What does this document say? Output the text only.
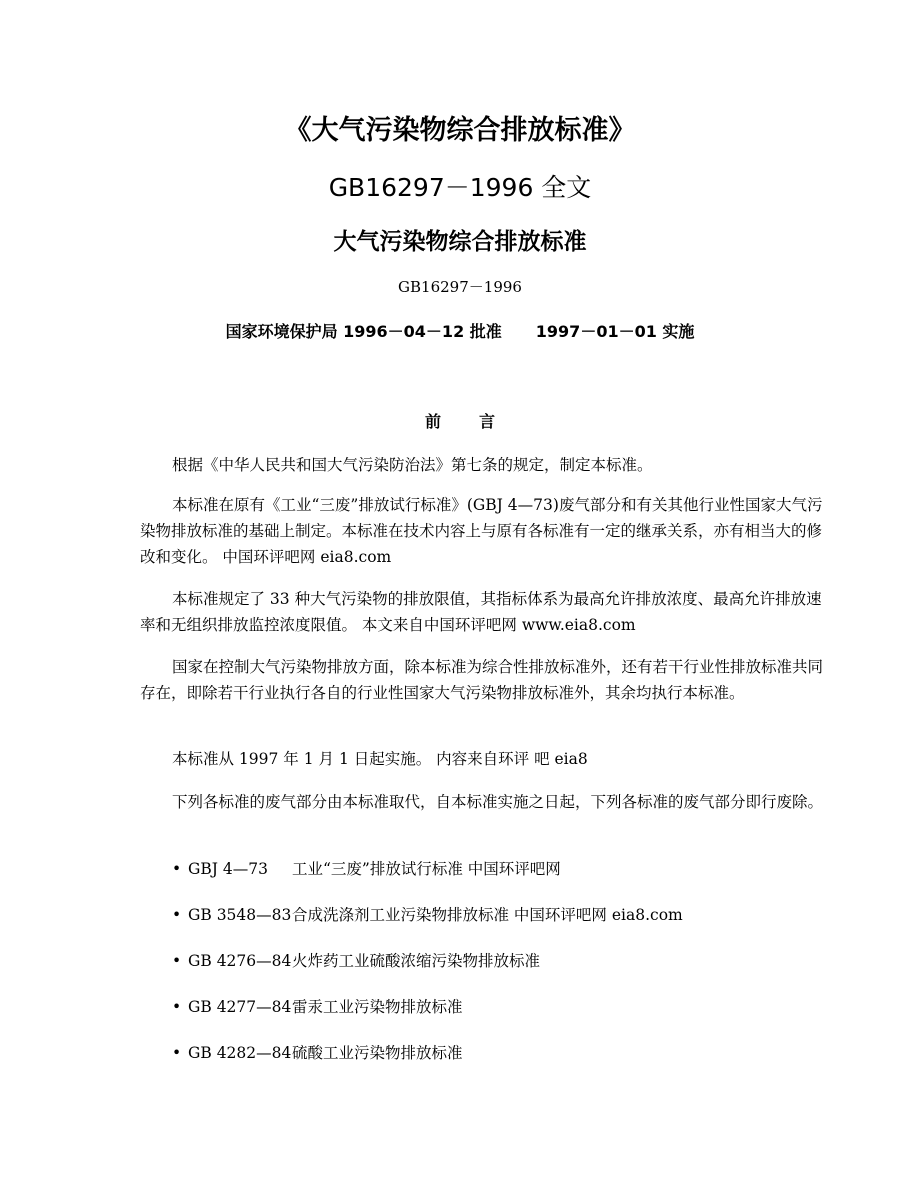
《大气污染物综合排放标准》
GB16297－1996 全文
大气污染物综合排放标准
GB16297－1996
国家环境保护局 1996－04－12 批准 1997－01－01 实施
前言

根据《中华人民共和国大气污染防治法》第七条的规定，制定本标准。

本标准在原有《工业“三废”排放试行标准》(GBJ 4—73)废气部分和有关其他行业性国家大气污染物排放标准的基础上制定。本标准在技术内容上与原有各标准有一定的继承关系，亦有相当大的修改和变化。 中国环评吧网 eia8.com

本标准规定了 33 种大气污染物的排放限值，其指标体系为最高允许排放浓度、最高允许排放速率和无组织排放监控浓度限值。 本文来自中国环评吧网 www.eia8.com

国家在控制大气污染物排放方面，除本标准为综合性排放标准外，还有若干行业性排放标准共同存在，即除若干行业执行各自的行业性国家大气污染物排放标准外，其余均执行本标准。

本标准从 1997 年 1 月 1 日起实施。 内容来自环评 吧 eia8

下列各标准的废气部分由本标准取代，自本标准实施之日起，下列各标准的废气部分即行废除。

• GBJ 4—73 工业“三废”排放试行标准 中国环评吧网
• GB 3548—83合成洗涤剂工业污染物排放标准 中国环评吧网 eia8.com
• GB 4276—84火炸药工业硫酸浓缩污染物排放标准
• GB 4277—84雷汞工业污染物排放标准
• GB 4282—84硫酸工业污染物排放标准
